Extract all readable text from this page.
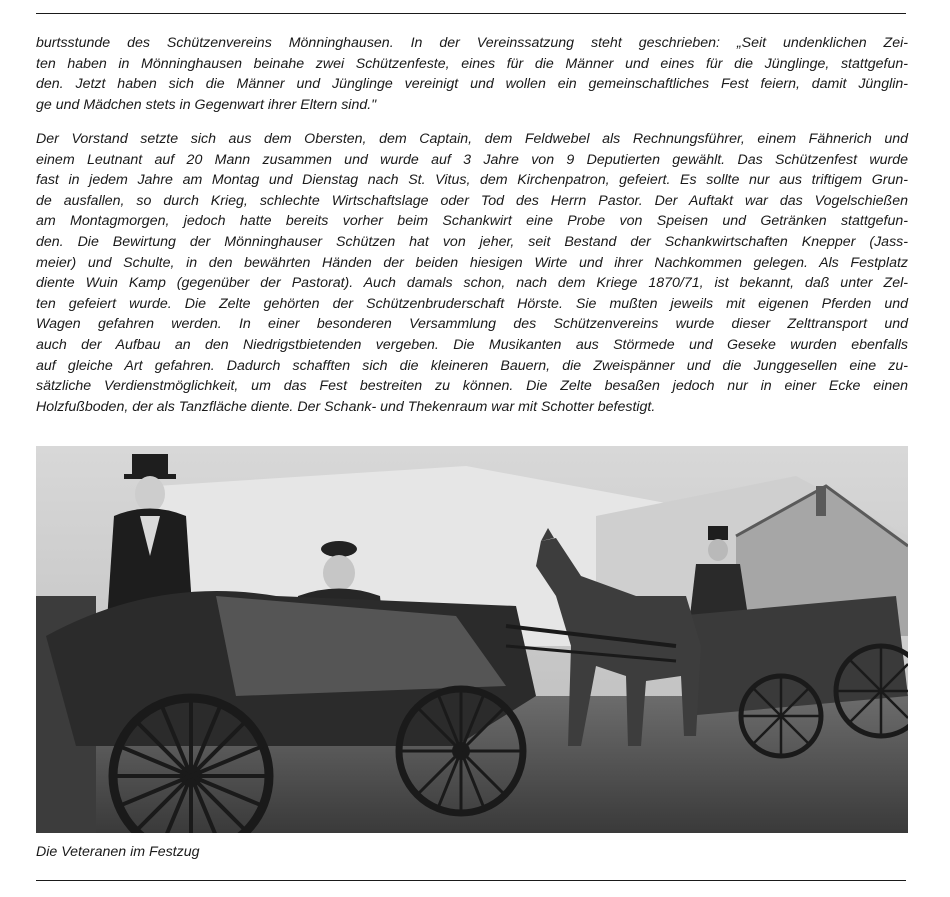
burtsstunde des Schützenvereins Mönninghausen. In der Vereinssatzung steht geschrieben: „Seit undenklichen Zei-
ten haben in Mönninghausen beinahe zwei Schützenfeste, eines für die Männer und eines für die Jünglinge, stattgefun-
den. Jetzt haben sich die Männer und Jünglinge vereinigt und wollen ein gemeinschaftliches Fest feiern, damit Jünglin-
ge und Mädchen stets in Gegenwart ihrer Eltern sind."

Der Vorstand setzte sich aus dem Obersten, dem Captain, dem Feldwebel als Rechnungsführer, einem Fähnerich und
einem Leutnant auf 20 Mann zusammen und wurde auf 3 Jahre von 9 Deputierten gewählt. Das Schützenfest wurde
fast in jedem Jahre am Montag und Dienstag nach St. Vitus, dem Kirchenpatron, gefeiert. Es sollte nur aus triftigem Grun-
de ausfallen, so durch Krieg, schlechte Wirtschaftslage oder Tod des Herrn Pastor. Der Auftakt war das Vogelschießen
am Montagmorgen, jedoch hatte bereits vorher beim Schankwirt eine Probe von Speisen und Getränken stattgefun-
den. Die Bewirtung der Mönninghauser Schützen hat von jeher, seit Bestand der Schankwirtschaften Knepper (Jass-
meier) und Schulte, in den bewährten Händen der beiden hiesigen Wirte und ihrer Nachkommen gelegen. Als Festplatz
diente Wuin Kamp (gegenüber der Pastorat). Auch damals schon, nach dem Kriege 1870/71, ist bekannt, daß unter Zel-
ten gefeiert wurde. Die Zelte gehörten der Schützenbruderschaft Hörste. Sie mußten jeweils mit eigenen Pferden und
Wagen gefahren werden. In einer besonderen Versammlung des Schützenvereins wurde dieser Zelttransport und
auch der Aufbau an den Niedrigstbietenden vergeben. Die Musikanten aus Störmede und Geseke wurden ebenfalls
auf gleiche Art gefahren. Dadurch schafften sich die kleineren Bauern, die Zweispänner und die Junggesellen eine zu-
sätzliche Verdienstmöglichkeit, um das Fest bestreiten zu können. Die Zelte besaßen jedoch nur in einer Ecke einen
Holzfußboden, der als Tanzfläche diente. Der Schank- und Thekenraum war mit Schotter befestigt.

Die Veteranen im Festzug
